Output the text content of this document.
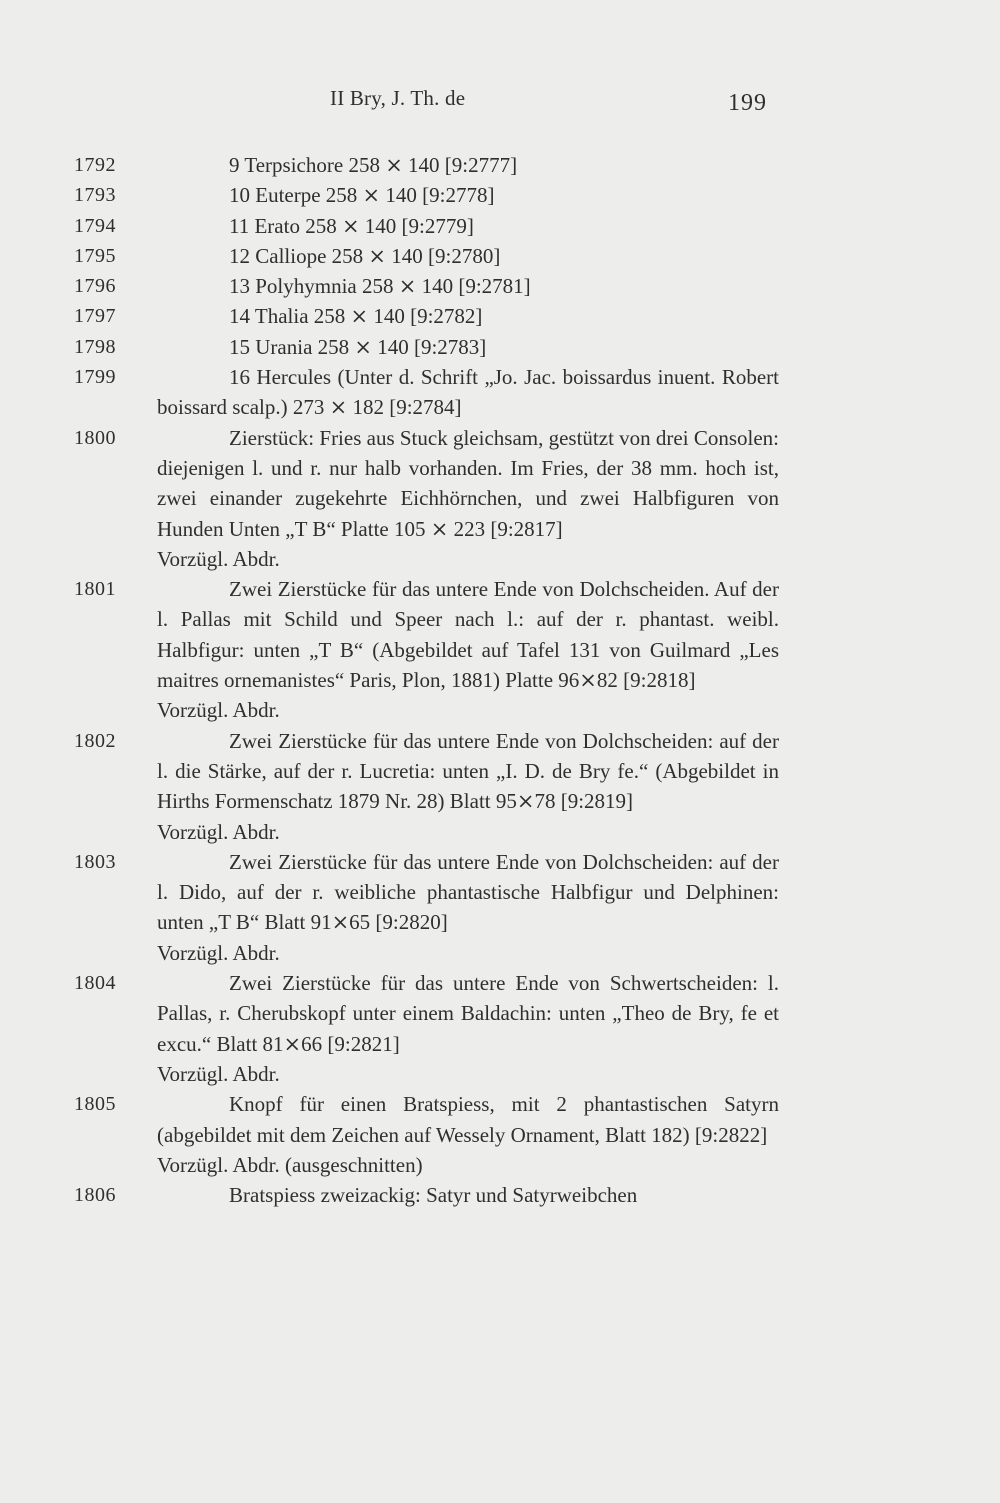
II Bry, J. Th. de	199
1792	9 Terpsichore 258 ⨯ 140 [9:2777]
1793	10 Euterpe 258 ⨯ 140 [9:2778]
1794	11 Erato 258 ⨯ 140 [9:2779]
1795	12 Calliope 258 ⨯ 140 [9:2780]
1796	13 Polyhymnia 258 ⨯ 140 [9:2781]
1797	14 Thalia 258 ⨯ 140 [9:2782]
1798	15 Urania 258 ⨯ 140 [9:2783]
1799	16 Hercules (Unter d. Schrift „Jo. Jac. boissardus inuent. Robert boissard scalp.) 273 ⨯ 182 [9:2784]
1800	Zierstück: Fries aus Stuck gleichsam, gestützt von drei Consolen: diejenigen l. und r. nur halb vorhanden. Im Fries, der 38 mm. hoch ist, zwei einander zugekehrte Eichhörnchen, und zwei Halbfiguren von Hunden Unten „T B“ Platte 105 ⨯ 223 [9:2817]
Vorzügl. Abdr.
1801	Zwei Zierstücke für das untere Ende von Dolchscheiden. Auf der l. Pallas mit Schild und Speer nach l.: auf der r. phantast. weibl. Halbfigur: unten „T B“ (Abgebildet auf Tafel 131 von Guilmard „Les maitres ornemanistes“ Paris, Plon, 1881) Platte 96⨯82 [9:2818]
Vorzügl. Abdr.
1802	Zwei Zierstücke für das untere Ende von Dolchscheiden: auf der l. die Stärke, auf der r. Lucretia: unten „I. D. de Bry fe.“ (Abgebildet in Hirths Formenschatz 1879 Nr. 28) Blatt 95⨯78 [9:2819]
Vorzügl. Abdr.
1803	Zwei Zierstücke für das untere Ende von Dolchscheiden: auf der l. Dido, auf der r. weibliche phantastische Halbfigur und Delphinen: unten „T B“ Blatt 91⨯65 [9:2820]
Vorzügl. Abdr.
1804	Zwei Zierstücke für das untere Ende von Schwertscheiden: l. Pallas, r. Cherubskopf unter einem Baldachin: unten „Theo de Bry, fe et excu.“ Blatt 81⨯66 [9:2821]
Vorzügl. Abdr.
1805	Knopf für einen Bratspiess, mit 2 phantastischen Satyrn (abgebildet mit dem Zeichen auf Wessely Ornament, Blatt 182) [9:2822]
Vorzügl. Abdr. (ausgeschnitten)
1806	Bratspiess zweizackig: Satyr und Satyrweibchen
